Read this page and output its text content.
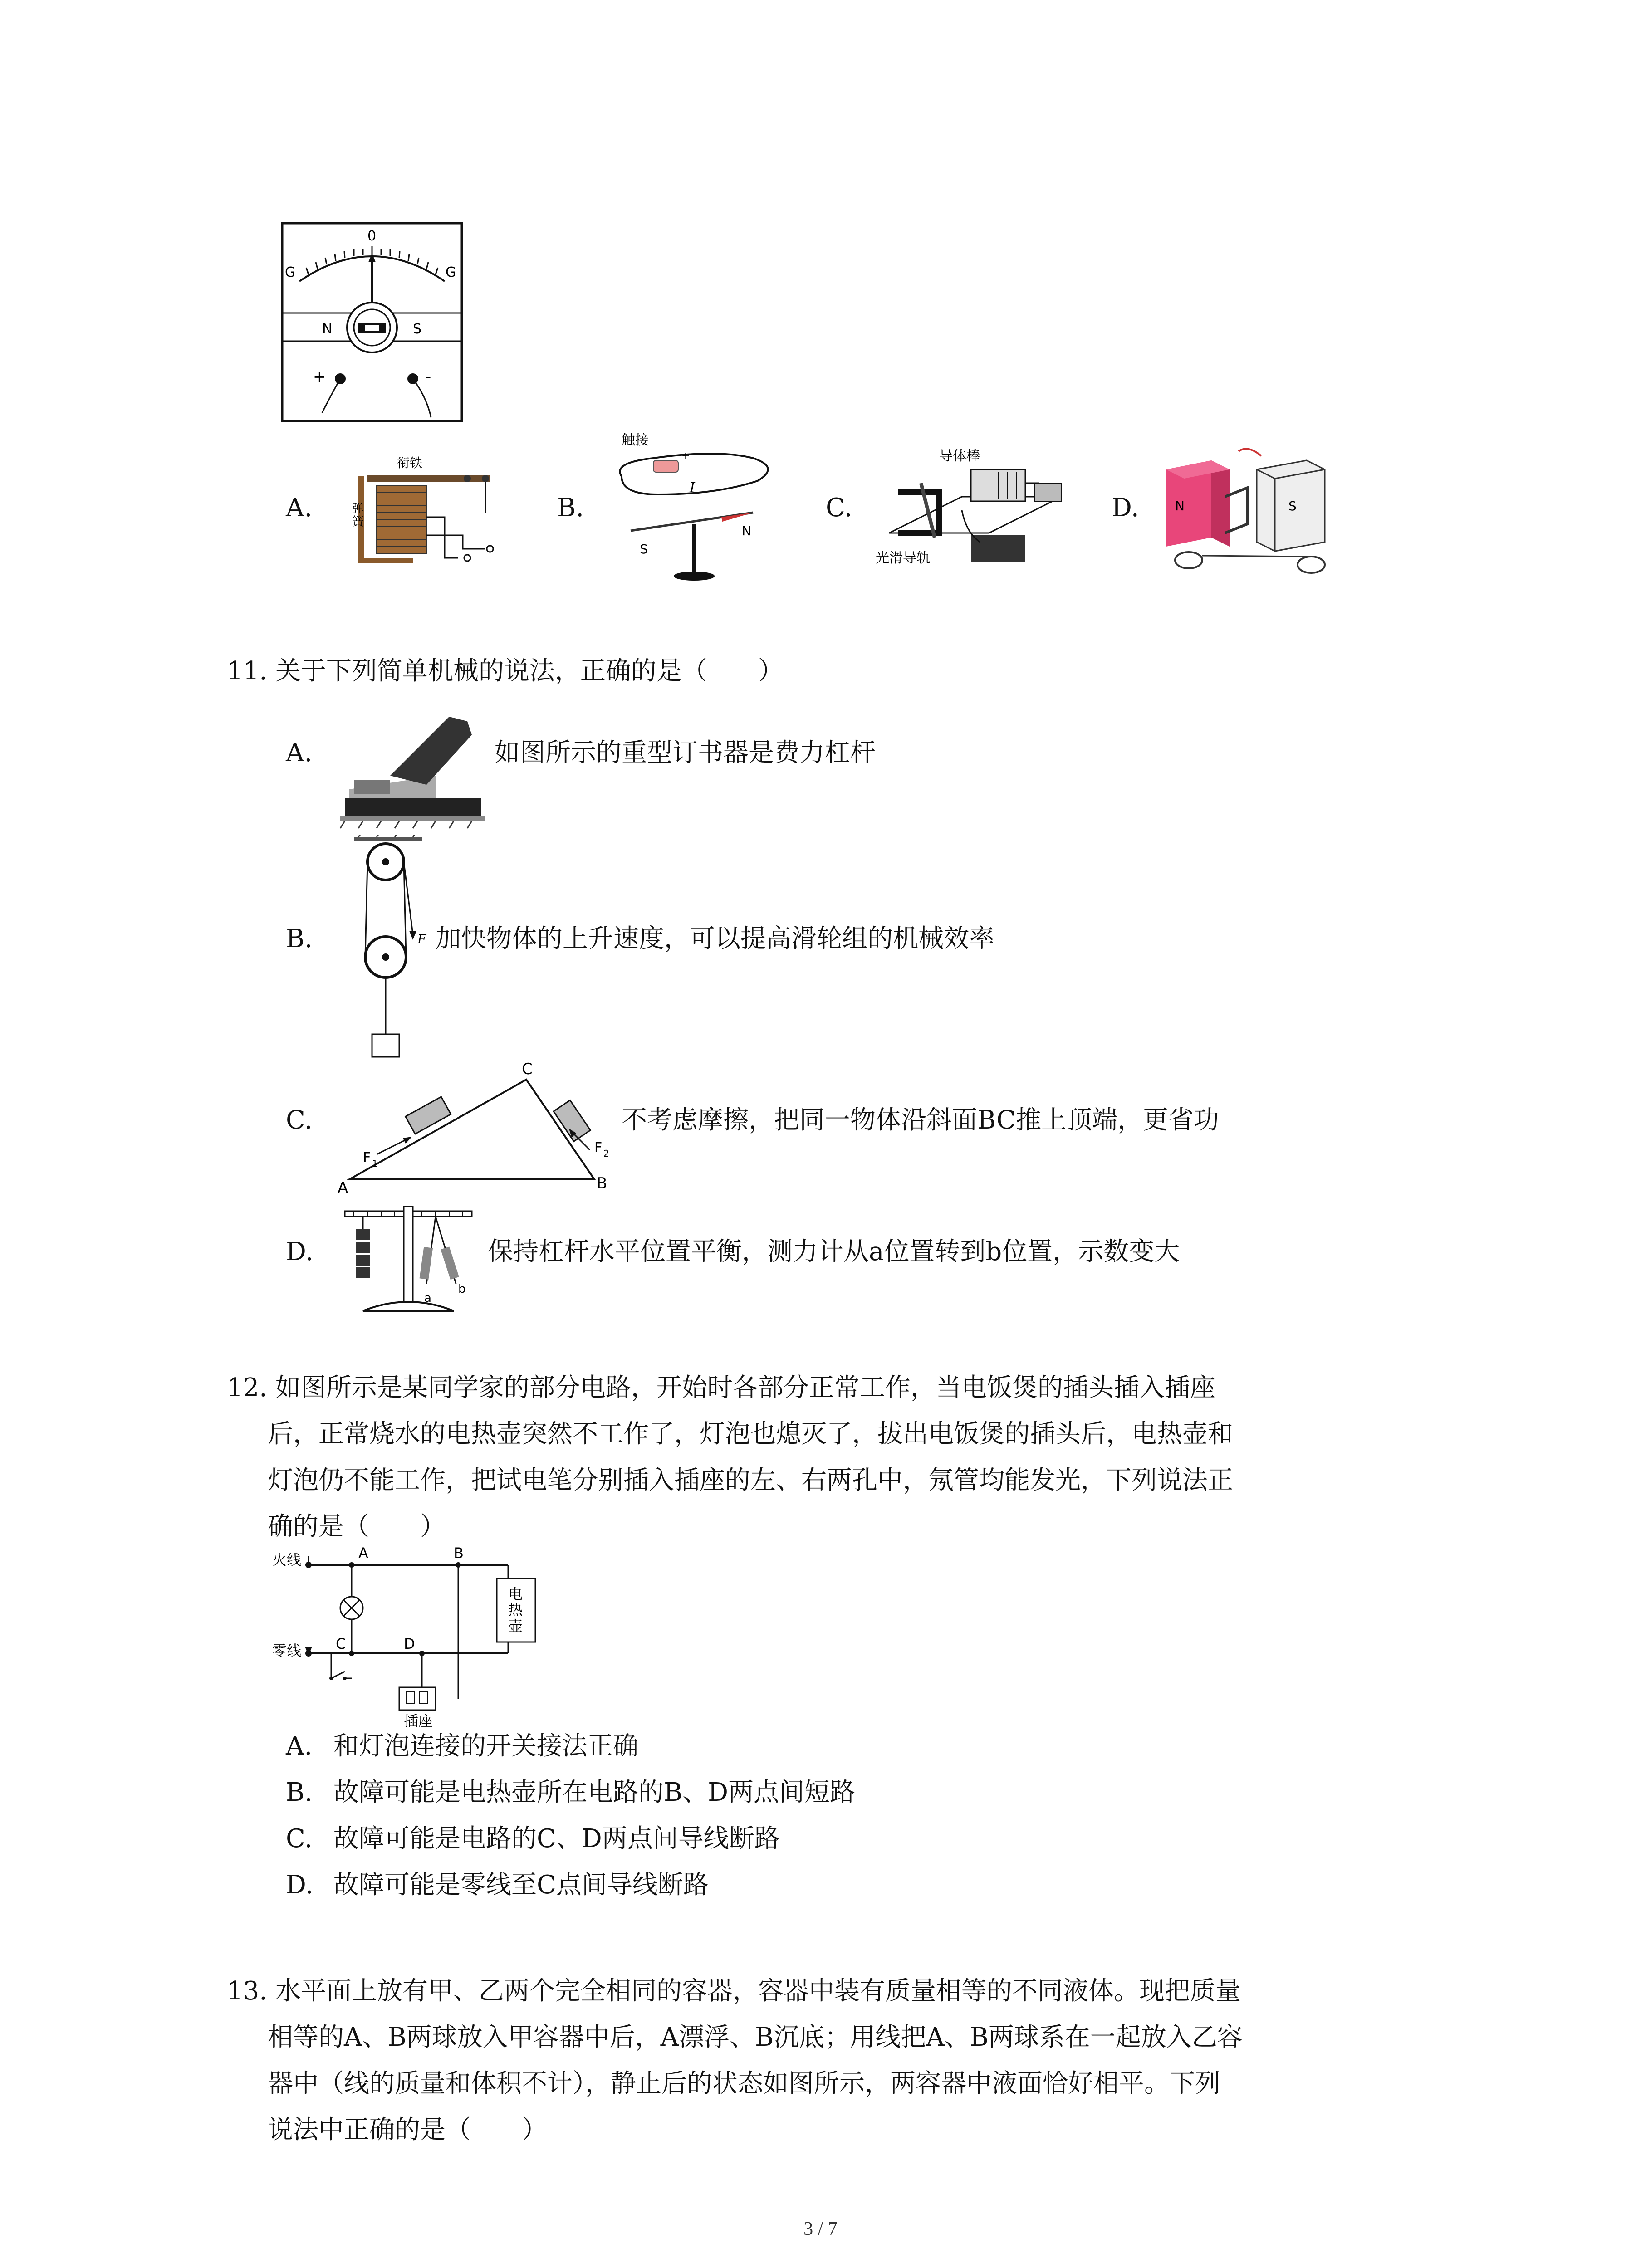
0
G	G
N	S
+	-
A.
衔铁
弹簧	B.
触接
+
I
S
N
C.
导体棒
光滑导轨
D.	N	S
11. 关于下列简单机械的说法，正确的是（　　）
A.	如图所示的重型订书器是费力杠杆
B.	F 加快物体的上升速度，可以提高滑轮组的机械效率
C.
C
A	B
F 1
F 2
不考虑摩擦，把同一物体沿斜面BC推上顶端，更省功
D.
a
b
保持杠杆水平位置平衡，测力计从a位置转到b位置，示数变大
12. 如图所示是某同学家的部分电路，开始时各部分正常工作，当电饭煲的插头插入插座
后，正常烧水的电热壶突然不工作了，灯泡也熄灭了，拔出电饭煲的插头后，电热壶和
灯泡仍不能工作，把试电笔分别插入插座的左、右两孔中，氖管均能发光，下列说法正
确的是（　　）
火线
零线
A	B
C	D
电热壶
插座
A. 和灯泡连接的开关接法正确
B. 故障可能是电热壶所在电路的B、D两点间短路
C. 故障可能是电路的C、D两点间导线断路
D. 故障可能是零线至C点间导线断路
13. 水平面上放有甲、乙两个完全相同的容器，容器中装有质量相等的不同液体。现把质量
相等的A、B两球放入甲容器中后，A漂浮、B沉底；用线把A、B两球系在一起放入乙容
器中（线的质量和体积不计），静止后的状态如图所示，两容器中液面恰好相平。下列
说法中正确的是（　　）
3 / 7
